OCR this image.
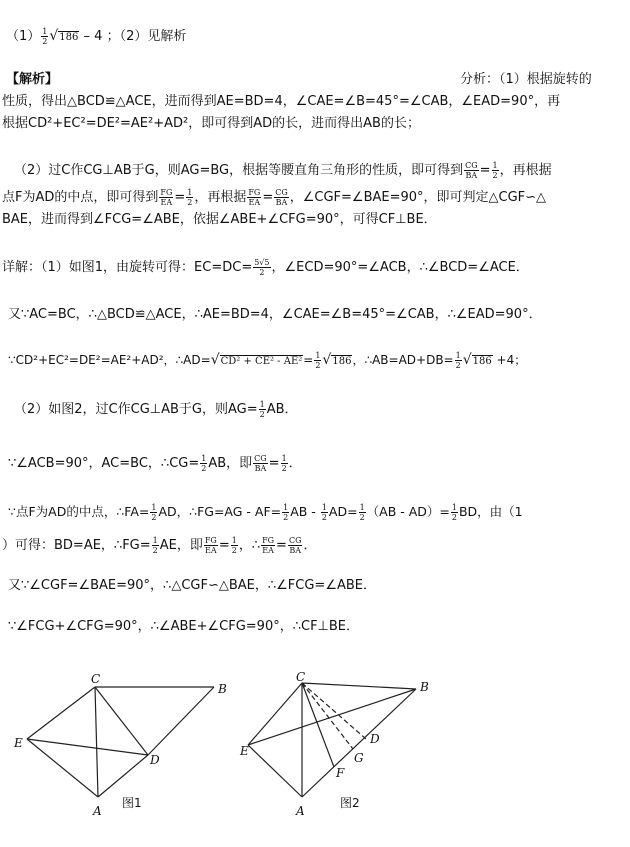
$(1) \frac{1}{2} √186 - 4$ ；（2）见解析
【解析】	分析：（1）根据旋转的
性质，得出△BCD≌△ACE，进而得到AE=BD=4，∠CAE=∠B=45°=∠CAB，∠EAD=90°，再
根据CD²+EC²=DE²=AE²+AD²，即可得到AD的长，进而得出AB的长；
（2）过C作CG⊥AB于G，则AG=BG，根据等腰直角三角形的性质，即可得到 $\frac{CG}{BA} = \frac{1}{2}$ ，再根据
点F为AD的中点，即可得到 $\frac{FG}{EA} = \frac{1}{2}$ ，再根据 $\frac{FG}{EA} = \frac{CG}{BA}$ ，∠CGF=∠BAE=90°，即可判定△CGF∽△
BAE，进而得到∠FCG=∠ABE，依据∠ABE+∠CFG=90°，可得CF⊥BE．
详解：（1）如图1，由旋转可得：$EC=DC= \frac{5√5}{2}$ ，∠ECD=90°=∠ACB，∴∠BCD=∠ACE．
又∵AC=BC，∴△BCD≌△ACE，∴AE=BD=4，∠CAE=∠B=45°=∠CAB，∴∠EAD=90°．
∵CD²+EC²=DE²=AE²+AD²，∴AD=√CD² + $CE^2 - AE^2= \frac{1}{2} √186$，∴AB=AD+DB= $\frac{1}{2} √186 +4$；
（2）如图2，过C作CG⊥AB于G，则$AG= \frac{1}{2}$ AB．
∵∠ACB=90°，AC=BC，∴CG= $\frac{1}{2}$ AB，即 $\frac{CG}{BA} = \frac{1}{2}$ ．
∵点F为AD的中点，∴FA= $\frac{1}{2}$ AD，∴FG=AG - $AF= \frac{1}{2}$ AB - $\frac{1}{2} AD= \frac{1}{2} (AB - AD)= \frac{1}{2}$ BD，由（1
）可得：BD=AE，∴FG= $\frac{1}{2}$ AE，即 $\frac{FG}{EA} = \frac{1}{2}$ ，∴ $\frac{FG}{EA} = \frac{CG}{BA}$ ．
又∵∠CGF=∠BAE=90°，∴△CGF∽△BAE，∴∠FCG=∠ABE．
∵∠FCG+∠CFG=90°，∴∠ABE+∠CFG=90°，∴CF⊥BE．
C
B
E
D
A
图1
C
B
E
D
G
F
A
图2
